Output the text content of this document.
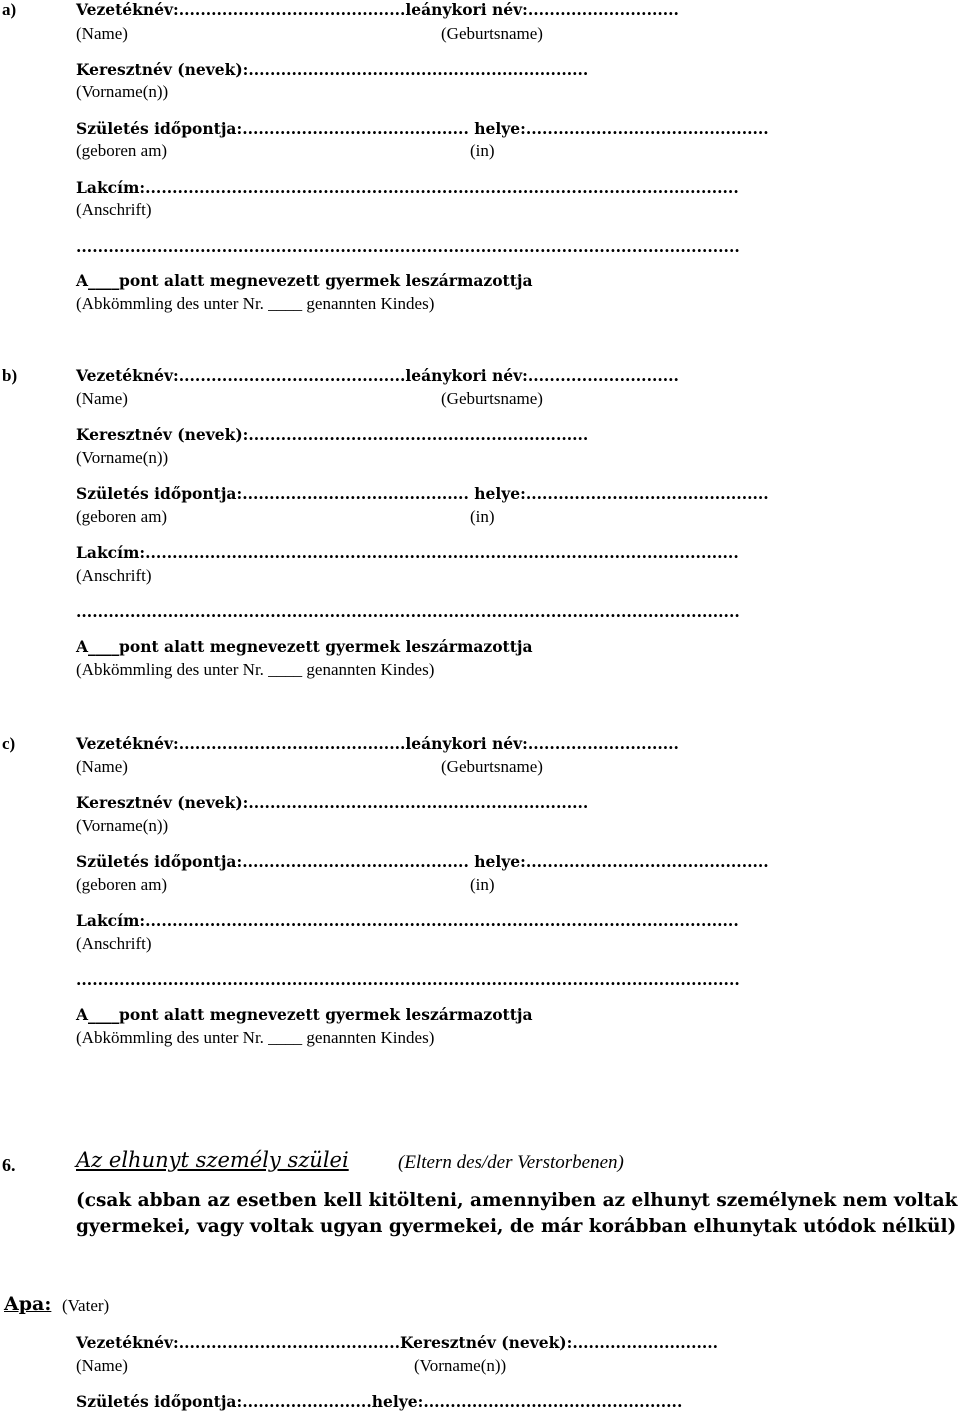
a)	Vezetéknév:..........................................leánykori név:............................
(Name)	(Geburtsname)
Keresztnév (nevek):...............................................................
(Vorname(n))
Születés időpontja:.......................................... helye:.............................................
(geboren am)	(in)
Lakcím:..............................................................................................................
(Anschrift)
...........................................................................................................................
A____pont alatt megnevezett gyermek leszármazottja
(Abkömmling des unter Nr. ____ genannten Kindes)
b)	Vezetéknév:..........................................leánykori név:............................
(Name)	(Geburtsname)
Keresztnév (nevek):...............................................................
(Vorname(n))
Születés időpontja:.......................................... helye:.............................................
(geboren am)	(in)
Lakcím:..............................................................................................................
(Anschrift)
...........................................................................................................................
A____pont alatt megnevezett gyermek leszármazottja
(Abkömmling des unter Nr. ____ genannten Kindes)
c)	Vezetéknév:..........................................leánykori név:............................
(Name)	(Geburtsname)
Keresztnév (nevek):...............................................................
(Vorname(n))
Születés időpontja:.......................................... helye:.............................................
(geboren am)	(in)
Lakcím:..............................................................................................................
(Anschrift)
...........................................................................................................................
A____pont alatt megnevezett gyermek leszármazottja
(Abkömmling des unter Nr. ____ genannten Kindes)
6.	Az elhunyt személy szülei	(Eltern des/der Verstorbenen)
(csak abban az esetben kell kitölteni, amennyiben az elhunyt személynek nem voltak
gyermekei, vagy voltak ugyan gyermekei, de már korábban elhunytak utódok nélkül)
Apa: (Vater)
Vezetéknév:.........................................Keresztnév (nevek):...........................
(Name)	(Vorname(n))
Születés időpontja:........................helye:................................................
